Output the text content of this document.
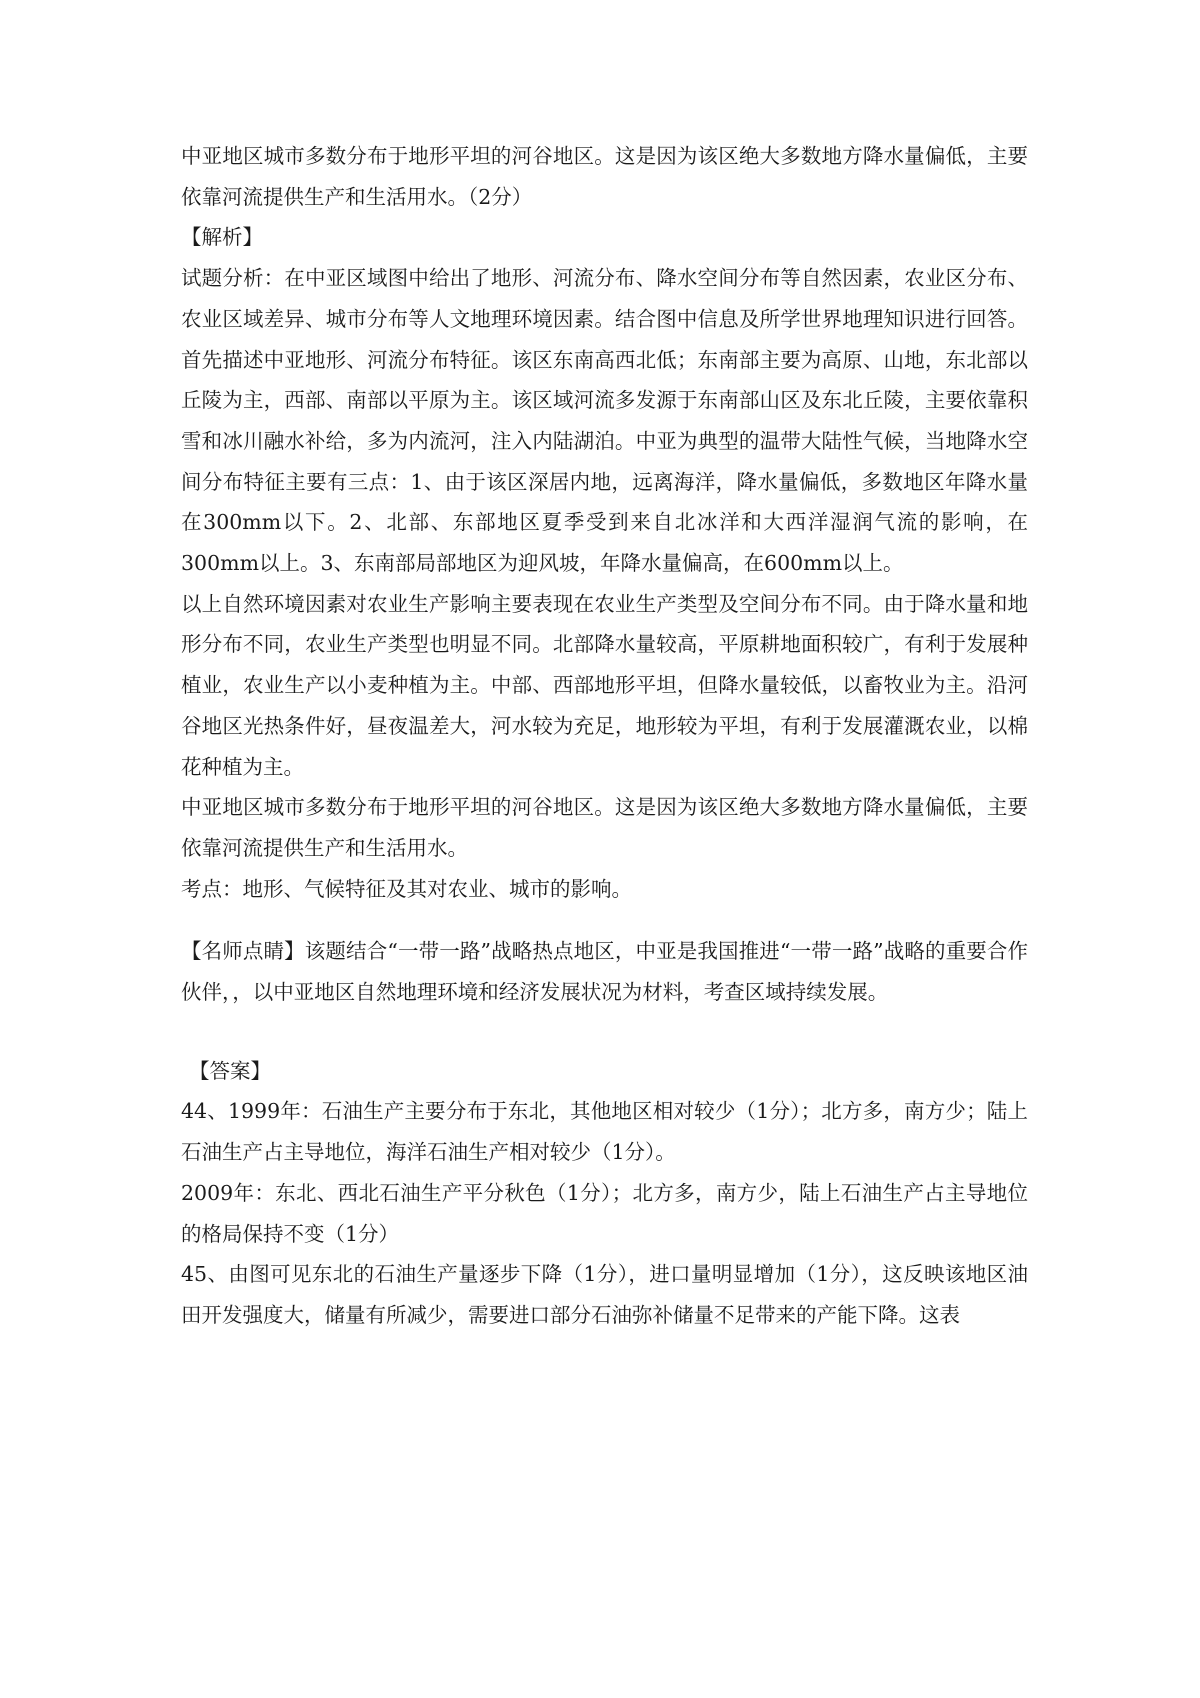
中亚地区城市多数分布于地形平坦的河谷地区。这是因为该区绝大多数地方降水量偏低，主要依靠河流提供生产和生活用水。（2分）

【解析】

试题分析：在中亚区域图中给出了地形、河流分布、降水空间分布等自然因素，农业区分布、农业区域差异、城市分布等人文地理环境因素。结合图中信息及所学世界地理知识进行回答。首先描述中亚地形、河流分布特征。该区东南高西北低；东南部主要为高原、山地，东北部以丘陵为主，西部、南部以平原为主。该区域河流多发源于东南部山区及东北丘陵，主要依靠积雪和冰川融水补给，多为内流河，注入内陆湖泊。中亚为典型的温带大陆性气候，当地降水空间分布特征主要有三点：1、由于该区深居内地，远离海洋，降水量偏低，多数地区年降水量在300mm以下。2、北部、东部地区夏季受到来自北冰洋和大西洋湿润气流的影响，在300mm以上。3、东南部局部地区为迎风坡，年降水量偏高，在600mm以上。

以上自然环境因素对农业生产影响主要表现在农业生产类型及空间分布不同。由于降水量和地形分布不同，农业生产类型也明显不同。北部降水量较高，平原耕地面积较广，有利于发展种植业，农业生产以小麦种植为主。中部、西部地形平坦，但降水量较低，以畜牧业为主。沿河谷地区光热条件好，昼夜温差大，河水较为充足，地形较为平坦，有利于发展灌溉农业，以棉花种植为主。

中亚地区城市多数分布于地形平坦的河谷地区。这是因为该区绝大多数地方降水量偏低，主要依靠河流提供生产和生活用水。

考点：地形、气候特征及其对农业、城市的影响。

【名师点睛】该题结合“一带一路”战略热点地区，中亚是我国推进“一带一路”战略的重要合作伙伴，，以中亚地区自然地理环境和经济发展状况为材料，考查区域持续发展。

【答案】

44、1999年：石油生产主要分布于东北，其他地区相对较少（1分）；北方多，南方少；陆上石油生产占主导地位，海洋石油生产相对较少（1分）。

2009年：东北、西北石油生产平分秋色（1分）；北方多，南方少，陆上石油生产占主导地位的格局保持不变（1分）

45、由图可见东北的石油生产量逐步下降（1分），进口量明显增加（1分），这反映该地区油田开发强度大，储量有所减少，需要进口部分石油弥补储量不足带来的产能下降。这表
